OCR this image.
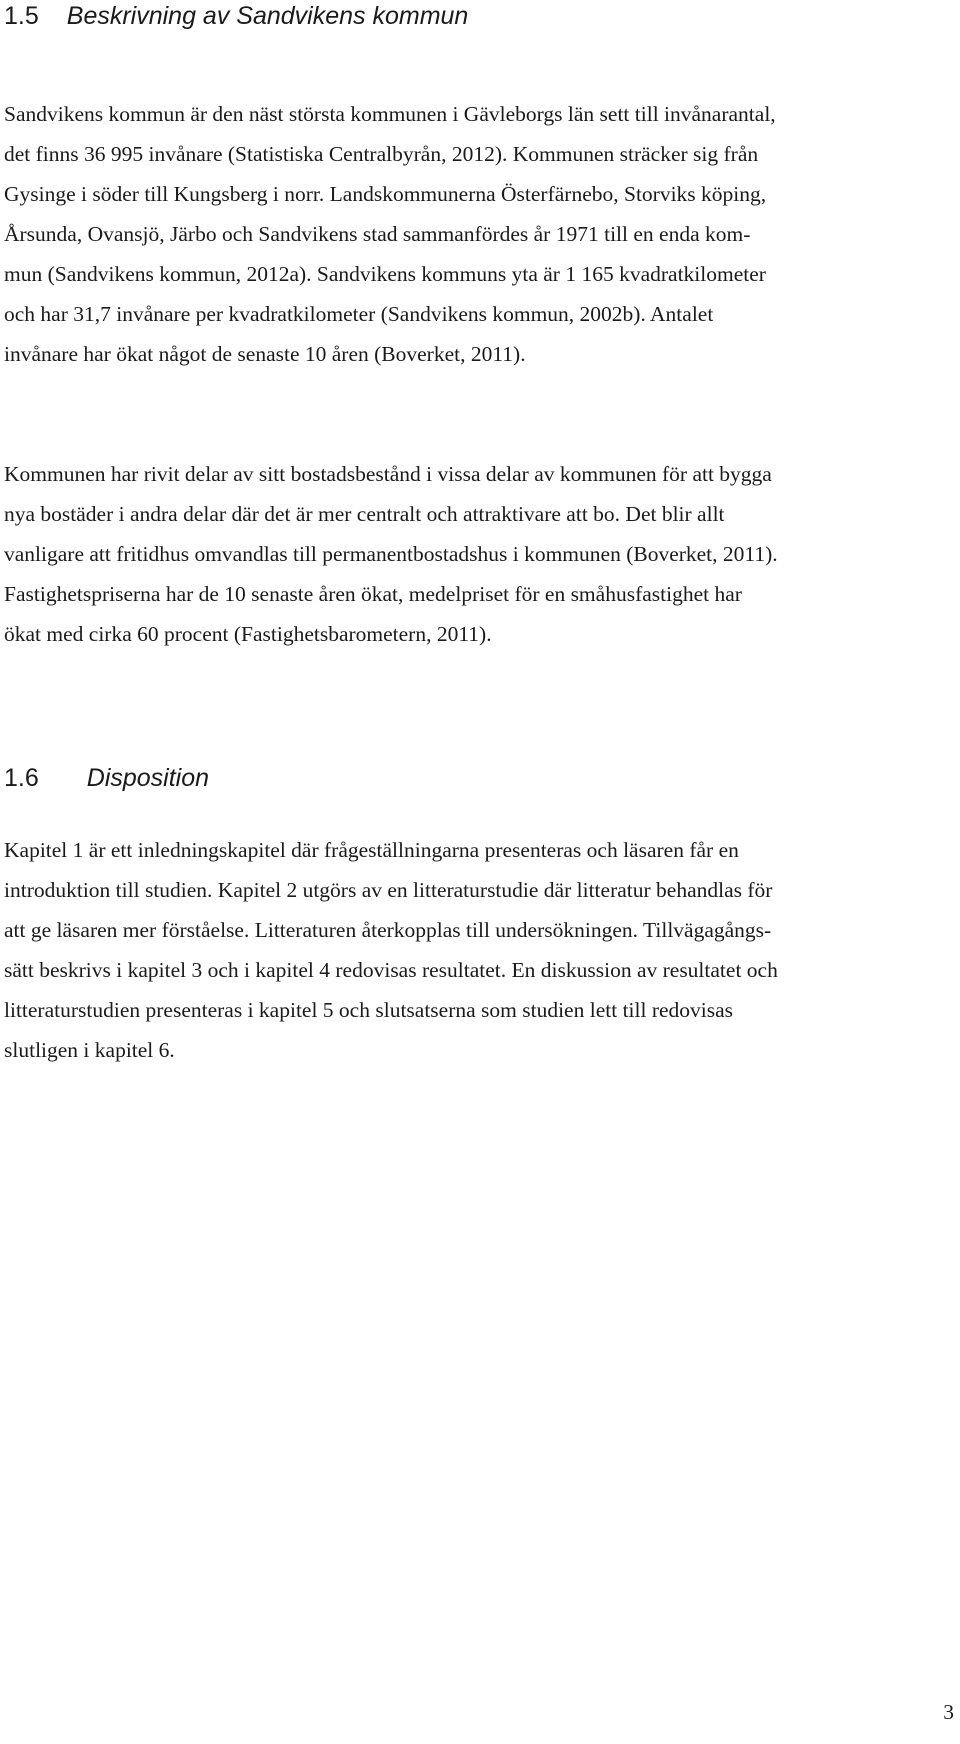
1.5 Beskrivning av Sandvikens kommun

Sandvikens kommun är den näst största kommunen i Gävleborgs län sett till invånarantal,
det finns 36 995 invånare (Statistiska Centralbyrån, 2012). Kommunen sträcker sig från
Gysinge i söder till Kungsberg i norr. Landskommunerna Österfärnebo, Storviks köping,
Årsunda, Ovansjö, Järbo och Sandvikens stad sammanfördes år 1971 till en enda kom-
mun (Sandvikens kommun, 2012a). Sandvikens kommuns yta är 1 165 kvadratkilometer
och har 31,7 invånare per kvadratkilometer (Sandvikens kommun, 2002b). Antalet
invånare har ökat något de senaste 10 åren (Boverket, 2011).

Kommunen har rivit delar av sitt bostadsbestånd i vissa delar av kommunen för att bygga
nya bostäder i andra delar där det är mer centralt och attraktivare att bo. Det blir allt
vanligare att fritidhus omvandlas till permanentbostadshus i kommunen (Boverket, 2011).
Fastighetspriserna har de 10 senaste åren ökat, medelpriset för en småhusfastighet har
ökat med cirka 60 procent (Fastighetsbarometern, 2011).

1.6 Disposition

Kapitel 1 är ett inledningskapitel där frågeställningarna presenteras och läsaren får en
introduktion till studien. Kapitel 2 utgörs av en litteraturstudie där litteratur behandlas för
att ge läsaren mer förståelse. Litteraturen återkopplas till undersökningen. Tillvägagångs-
sätt beskrivs i kapitel 3 och i kapitel 4 redovisas resultatet. En diskussion av resultatet och
litteraturstudien presenteras i kapitel 5 och slutsatserna som studien lett till redovisas
slutligen i kapitel 6.

3
